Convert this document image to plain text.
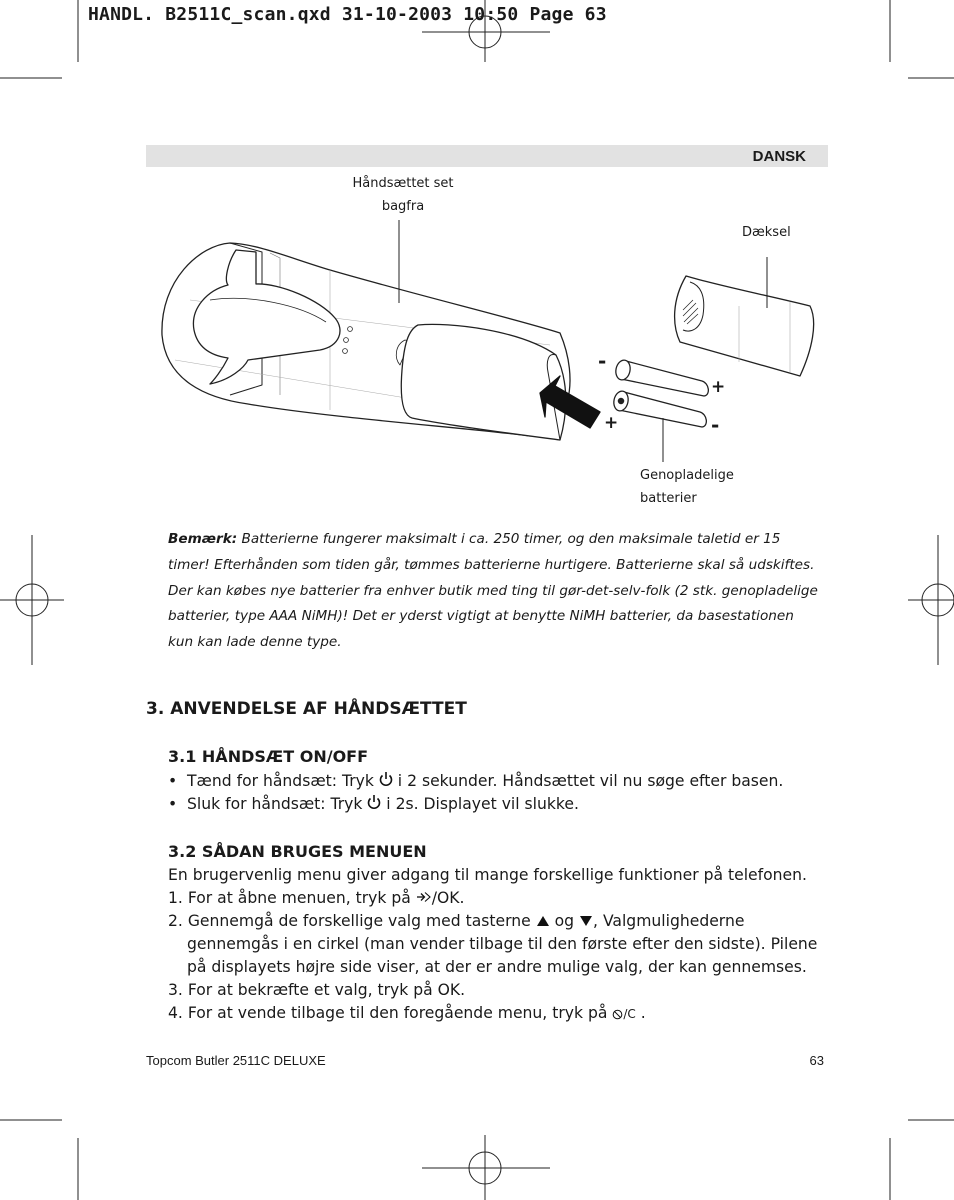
HANDL. B2511C_scan.qxd 31-10-2003 10:50 Page 63
DANSK
Håndsættet set
bagfra
Dæksel
Genopladelige
batterier
-
+
+	-
Bemærk: Batterierne fungerer maksimalt i ca. 250 timer, og den maksimale taletid er 15
timer! Efterhånden som tiden går, tømmes batterierne hurtigere. Batterierne skal så udskiftes.
Der kan købes nye batterier fra enhver butik med ting til gør-det-selv-folk (2 stk. genopladelige
batterier, type AAA NiMH)! Det er yderst vigtigt at benytte NiMH batterier, da basestationen
kun kan lade denne type.
3. ANVENDELSE AF HÅNDSÆTTET
3.1 HÅNDSÆT ON/OFF
• Tænd for håndsæt: Tryk  i 2 sekunder. Håndsættet vil nu søge efter basen.
• Sluk for håndsæt: Tryk  i 2s. Displayet vil slukke.
3.2 SÅDAN BRUGES MENUEN
En brugervenlig menu giver adgang til mange forskellige funktioner på telefonen.
1. For at åbne menuen, tryk på /OK.
2. Gennemgå de forskellige valg med tasterne  og , Valgmulighederne
gennemgås i en cirkel (man vender tilbage til den første efter den sidste). Pilene
på displayets højre side viser, at der er andre mulige valg, der kan gennemses.
3. For at bekræfte et valg, tryk på OK.
4. For at vende tilbage til den foregående menu, tryk på /C .
Topcom Butler 2511C DELUXE	63
